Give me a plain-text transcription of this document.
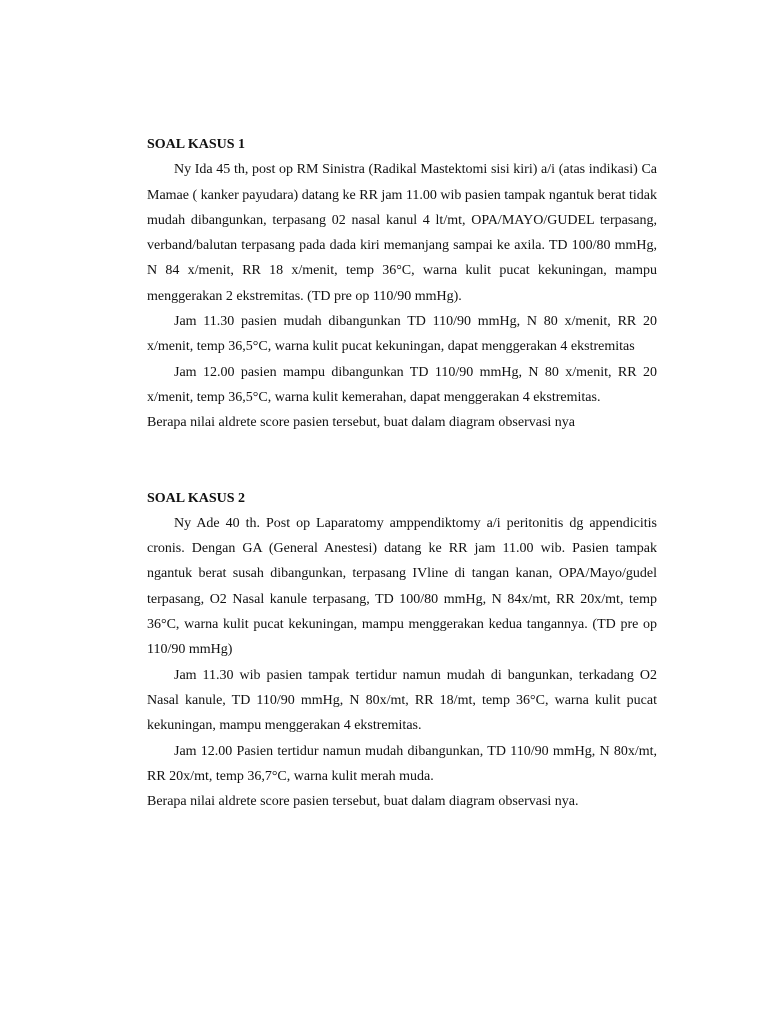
SOAL KASUS 1

Ny Ida 45 th, post op RM Sinistra (Radikal Mastektomi sisi kiri) a/i (atas indikasi) Ca Mamae ( kanker payudara) datang ke RR jam 11.00 wib pasien tampak ngantuk berat tidak mudah dibangunkan, terpasang 02 nasal kanul 4 lt/mt, OPA/MAYO/GUDEL terpasang, verband/balutan terpasang pada dada kiri memanjang sampai ke axila. TD 100/80 mmHg, N 84 x/menit, RR 18 x/menit, temp 36°C, warna kulit pucat kekuningan, mampu menggerakan 2 ekstremitas. (TD pre op 110/90 mmHg).

Jam 11.30 pasien mudah dibangunkan TD 110/90 mmHg, N 80 x/menit, RR 20 x/menit, temp 36,5°C, warna kulit pucat kekuningan, dapat menggerakan 4 ekstremitas

Jam 12.00 pasien mampu dibangunkan TD 110/90 mmHg, N 80 x/menit, RR 20 x/menit, temp 36,5°C, warna kulit kemerahan, dapat menggerakan 4 ekstremitas.

Berapa nilai aldrete score pasien tersebut, buat dalam diagram observasi nya

SOAL KASUS 2

Ny Ade 40 th. Post op Laparatomy amppendiktomy a/i peritonitis dg appendicitis cronis. Dengan GA (General Anestesi) datang ke RR jam 11.00 wib. Pasien tampak ngantuk berat susah dibangunkan, terpasang IVline di tangan kanan, OPA/Mayo/gudel terpasang, O2 Nasal kanule terpasang, TD 100/80 mmHg, N 84x/mt, RR 20x/mt, temp 36°C, warna kulit pucat kekuningan, mampu menggerakan kedua tangannya. (TD pre op 110/90 mmHg)

Jam 11.30 wib pasien tampak tertidur namun mudah di bangunkan, terkadang O2 Nasal kanule, TD 110/90 mmHg, N 80x/mt, RR 18/mt, temp 36°C, warna kulit pucat kekuningan, mampu menggerakan 4 ekstremitas.

Jam 12.00 Pasien tertidur namun mudah dibangunkan, TD 110/90 mmHg, N 80x/mt, RR 20x/mt, temp 36,7°C, warna kulit merah muda.

Berapa nilai aldrete score pasien tersebut, buat dalam diagram observasi nya.
